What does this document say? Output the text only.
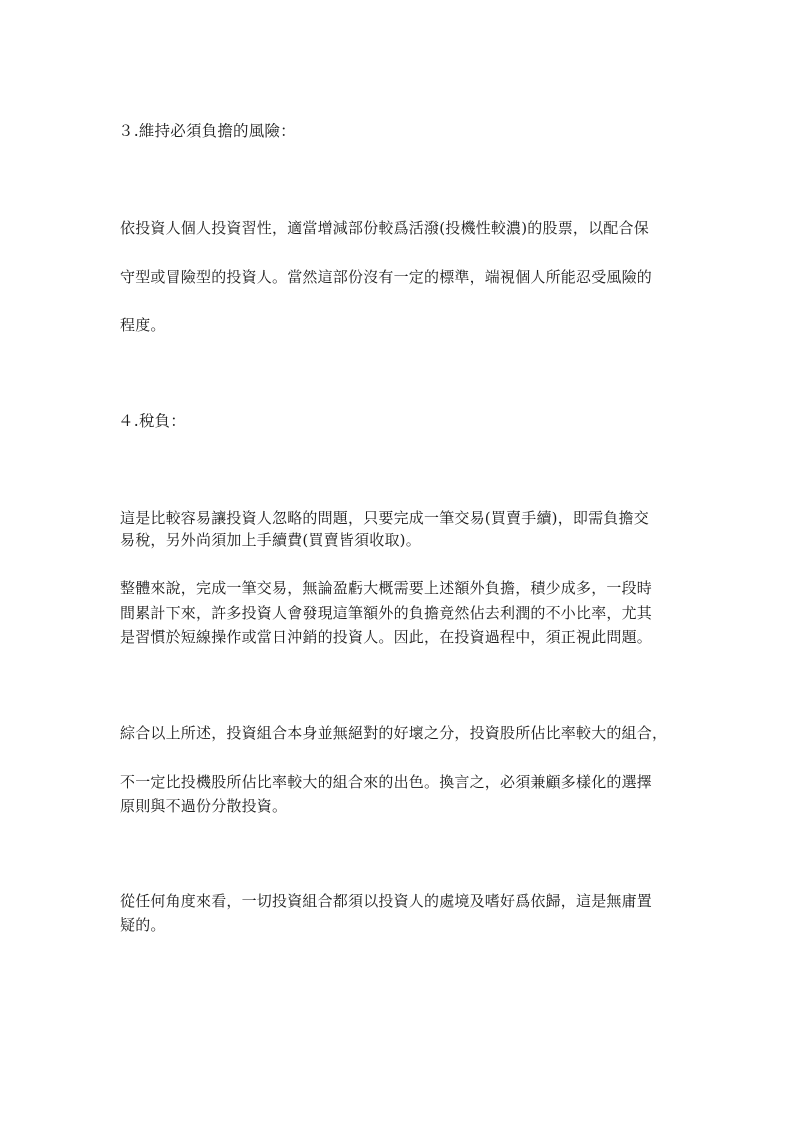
３.維持必須負擔的風險：
依投資人個人投資習性，適當增減部份較爲活潑(投機性較濃)的股票，以配合保
守型或冒險型的投資人。當然這部份沒有一定的標準，端視個人所能忍受風險的
程度。
４.稅負：
這是比較容易讓投資人忽略的問題，只要完成一筆交易(買賣手續)，即需負擔交
易稅，另外尚須加上手續費(買賣皆須收取)。
整體來說，完成一筆交易，無論盈虧大概需要上述額外負擔，積少成多，一段時
間累計下來，許多投資人會發現這筆額外的負擔竟然佔去利潤的不小比率，尤其
是習慣於短線操作或當日沖銷的投資人。因此，在投資過程中，須正視此問題。
綜合以上所述，投資組合本身並無絕對的好壞之分，投資股所佔比率較大的組合，
不一定比投機股所佔比率較大的組合來的出色。換言之，必須兼顧多樣化的選擇
原則與不過份分散投資。
從任何角度來看，一切投資組合都須以投資人的處境及嗜好爲依歸，這是無庸置
疑的。
